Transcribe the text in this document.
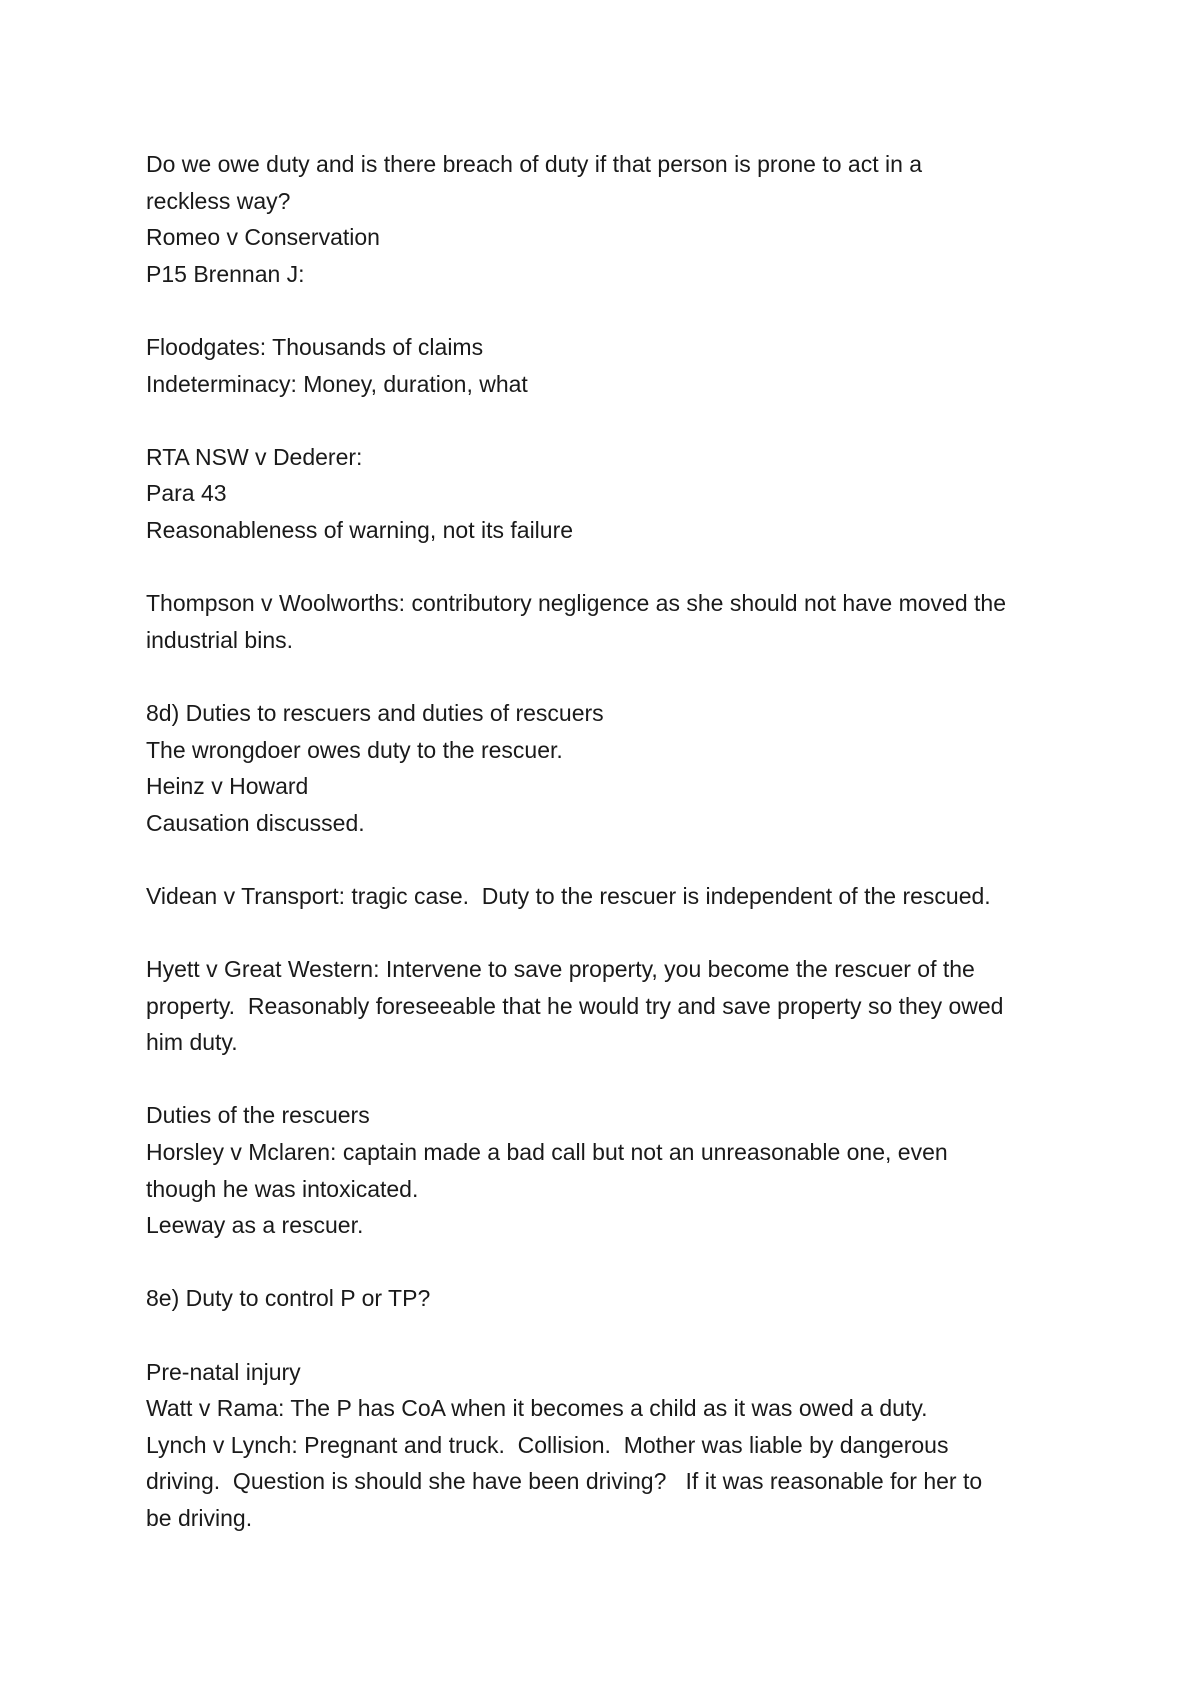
Do we owe duty and is there breach of duty if that person is prone to act in a

reckless way?

Romeo v Conservation

P15 Brennan J:

Floodgates: Thousands of claims

Indeterminacy: Money, duration, what

RTA NSW v Dederer:

Para 43

Reasonableness of warning, not its failure

Thompson v Woolworths: contributory negligence as she should not have moved the

industrial bins.

8d) Duties to rescuers and duties of rescuers

The wrongdoer owes duty to the rescuer.

Heinz v Howard

Causation discussed.

Videan v Transport: tragic case.  Duty to the rescuer is independent of the rescued.

Hyett v Great Western: Intervene to save property, you become the rescuer of the

property.  Reasonably foreseeable that he would try and save property so they owed

him duty.

Duties of the rescuers

Horsley v Mclaren: captain made a bad call but not an unreasonable one, even

though he was intoxicated.

Leeway as a rescuer.

8e) Duty to control P or TP?

Pre-natal injury

Watt v Rama: The P has CoA when it becomes a child as it was owed a duty.

Lynch v Lynch: Pregnant and truck.  Collision.  Mother was liable by dangerous

driving.  Question is should she have been driving?   If it was reasonable for her to

be driving.
